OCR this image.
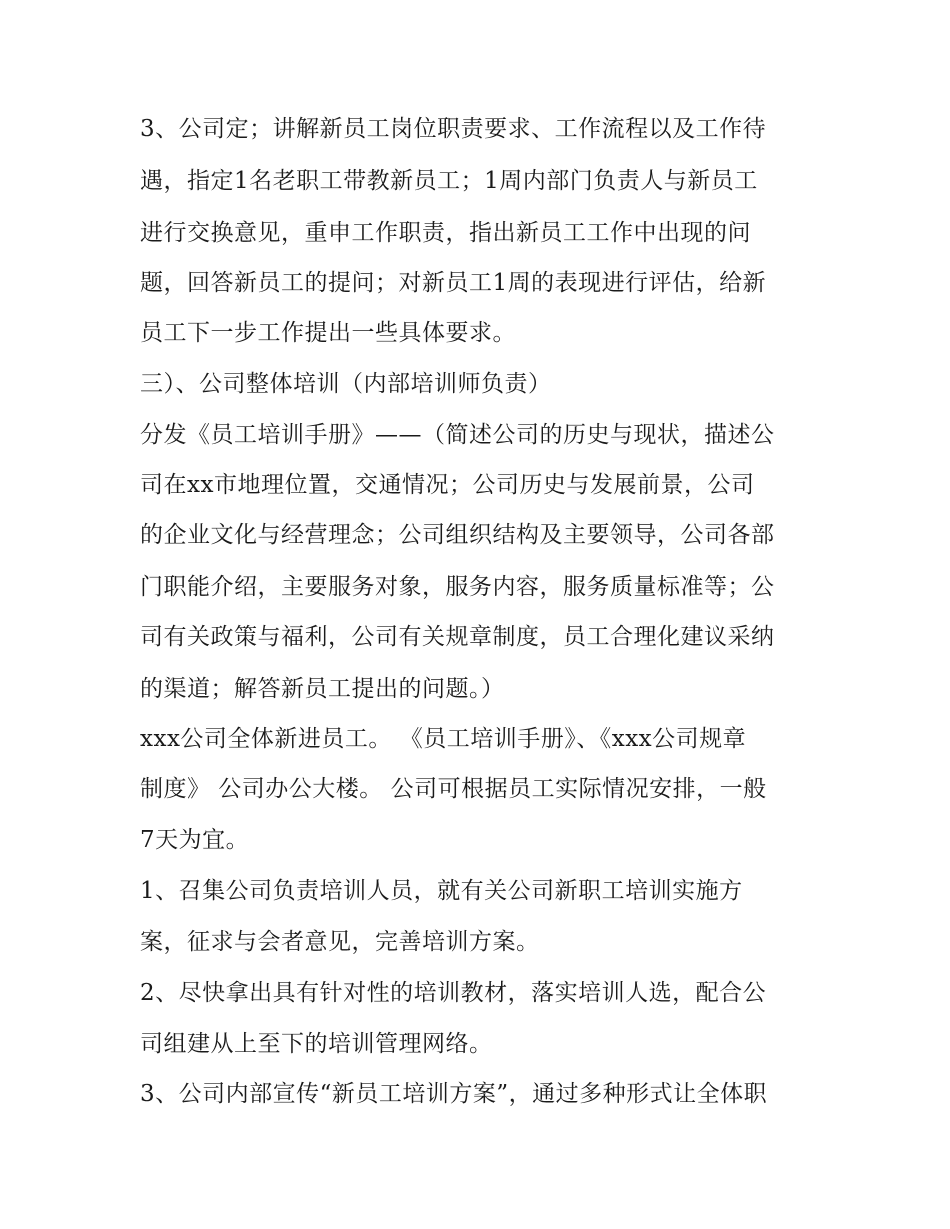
3、公司定；讲解新员工岗位职责要求、工作流程以及工作待
遇，指定1名老职工带教新员工；1周内部门负责人与新员工
进行交换意见，重申工作职责，指出新员工工作中出现的问
题，回答新员工的提问；对新员工1周的表现进行评估，给新
员工下一步工作提出一些具体要求。
三）、公司整体培训（内部培训师负责）
分发《员工培训手册》——（简述公司的历史与现状，描述公
司在xx市地理位置，交通情况；公司历史与发展前景，公司
的企业文化与经营理念；公司组织结构及主要领导，公司各部
门职能介绍，主要服务对象，服务内容，服务质量标准等；公
司有关政策与福利，公司有关规章制度，员工合理化建议采纳
的渠道；解答新员工提出的问题。）
xxx公司全体新进员工。 《员工培训手册》、《xxx公司规章
制度》 公司办公大楼。 公司可根据员工实际情况安排，一般
7天为宜。
1、召集公司负责培训人员，就有关公司新职工培训实施方
案，征求与会者意见，完善培训方案。
2、尽快拿出具有针对性的培训教材，落实培训人选，配合公
司组建从上至下的培训管理网络。
3、公司内部宣传“新员工培训方案”，通过多种形式让全体职
